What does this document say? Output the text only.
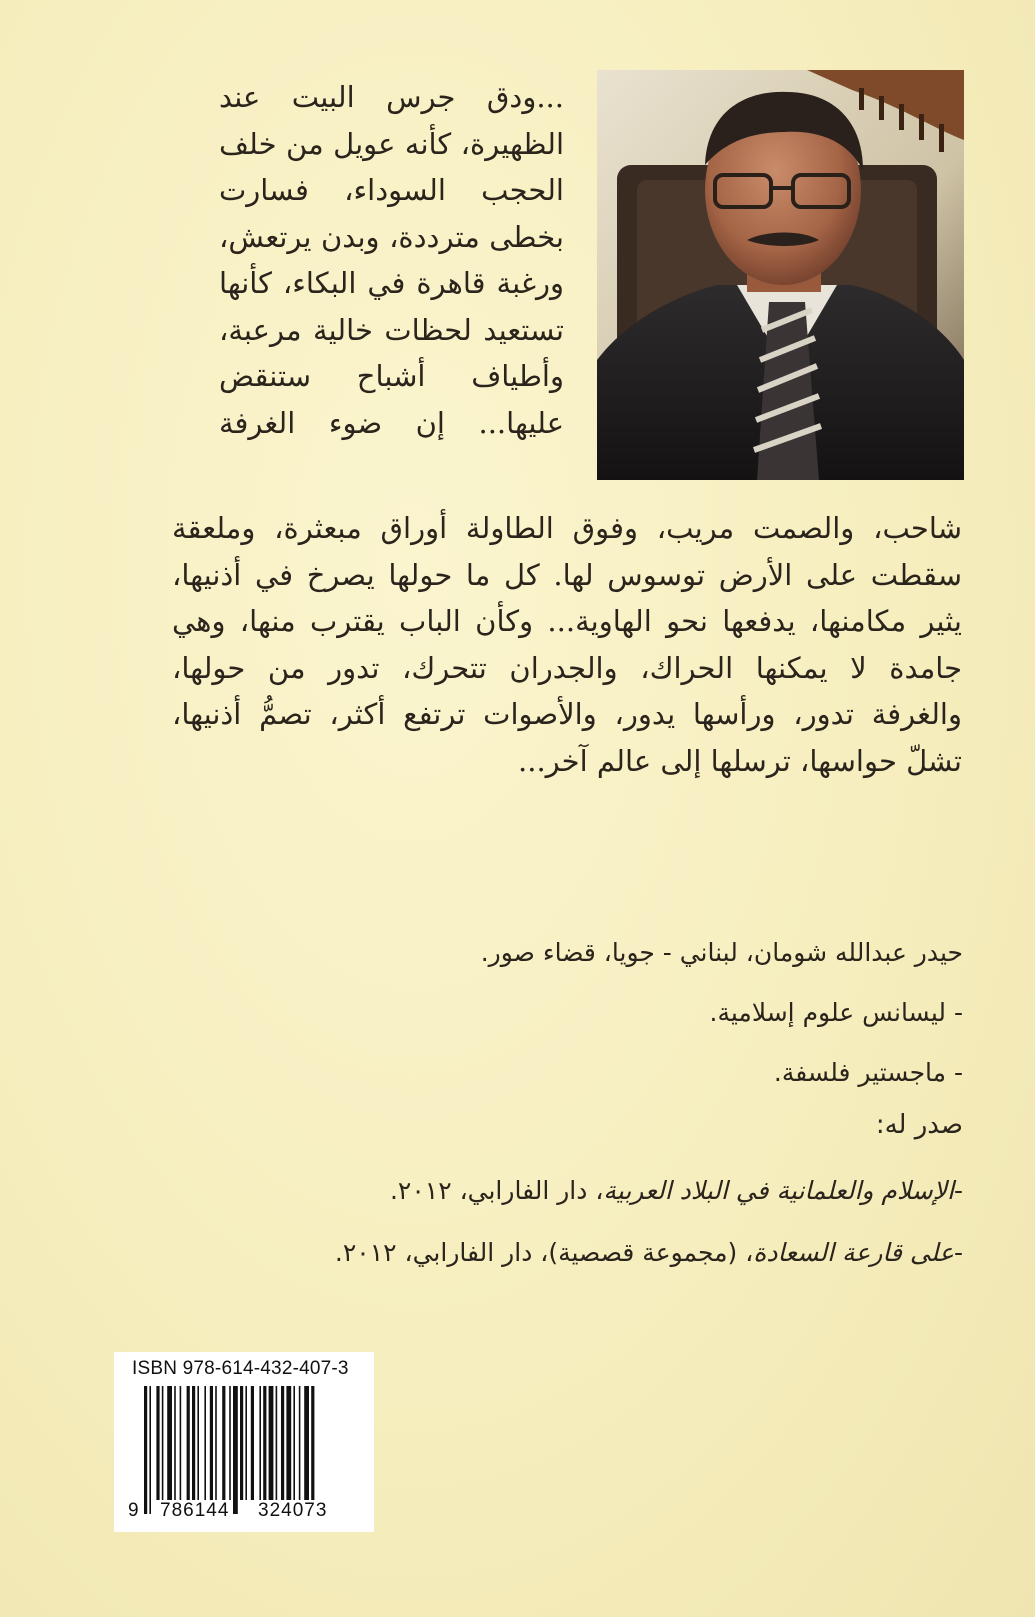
...ودق جرس البيت عند
الظهيرة، كأنه عويل من خلف
الحجب السوداء، فسارت
بخطى مترددة، وبدن يرتعش،
ورغبة قاهرة في البكاء، كأنها
تستعيد لحظات خالية مرعبة،
وأطياف أشباح ستنقض
عليها... إن ضوء الغرفة
شاحب، والصمت مريب، وفوق الطاولة أوراق مبعثرة، وملعقة
سقطت على الأرض توسوس لها. كل ما حولها يصرخ في أذنيها،
يثير مكامنها، يدفعها نحو الهاوية... وكأن الباب يقترب منها، وهي
جامدة لا يمكنها الحراك، والجدران تتحرك، تدور من حولها،
والغرفة تدور، ورأسها يدور، والأصوات ترتفع أكثر، تصمُّ أذنيها،
تشلّ حواسها، ترسلها إلى عالم آخر...
حيدر عبدالله شومان، لبناني - جويا، قضاء صور.
- ليسانس علوم إسلامية.
- ماجستير فلسفة.
صدر له:
-الإسلام والعلمانية في البلاد العربية، دار الفارابي، ٢٠١٢.
-على قارعة السعادة، (مجموعة قصصية)، دار الفارابي، ٢٠١٢.
ISBN 978-614-432-407-3
9 786144 324073
